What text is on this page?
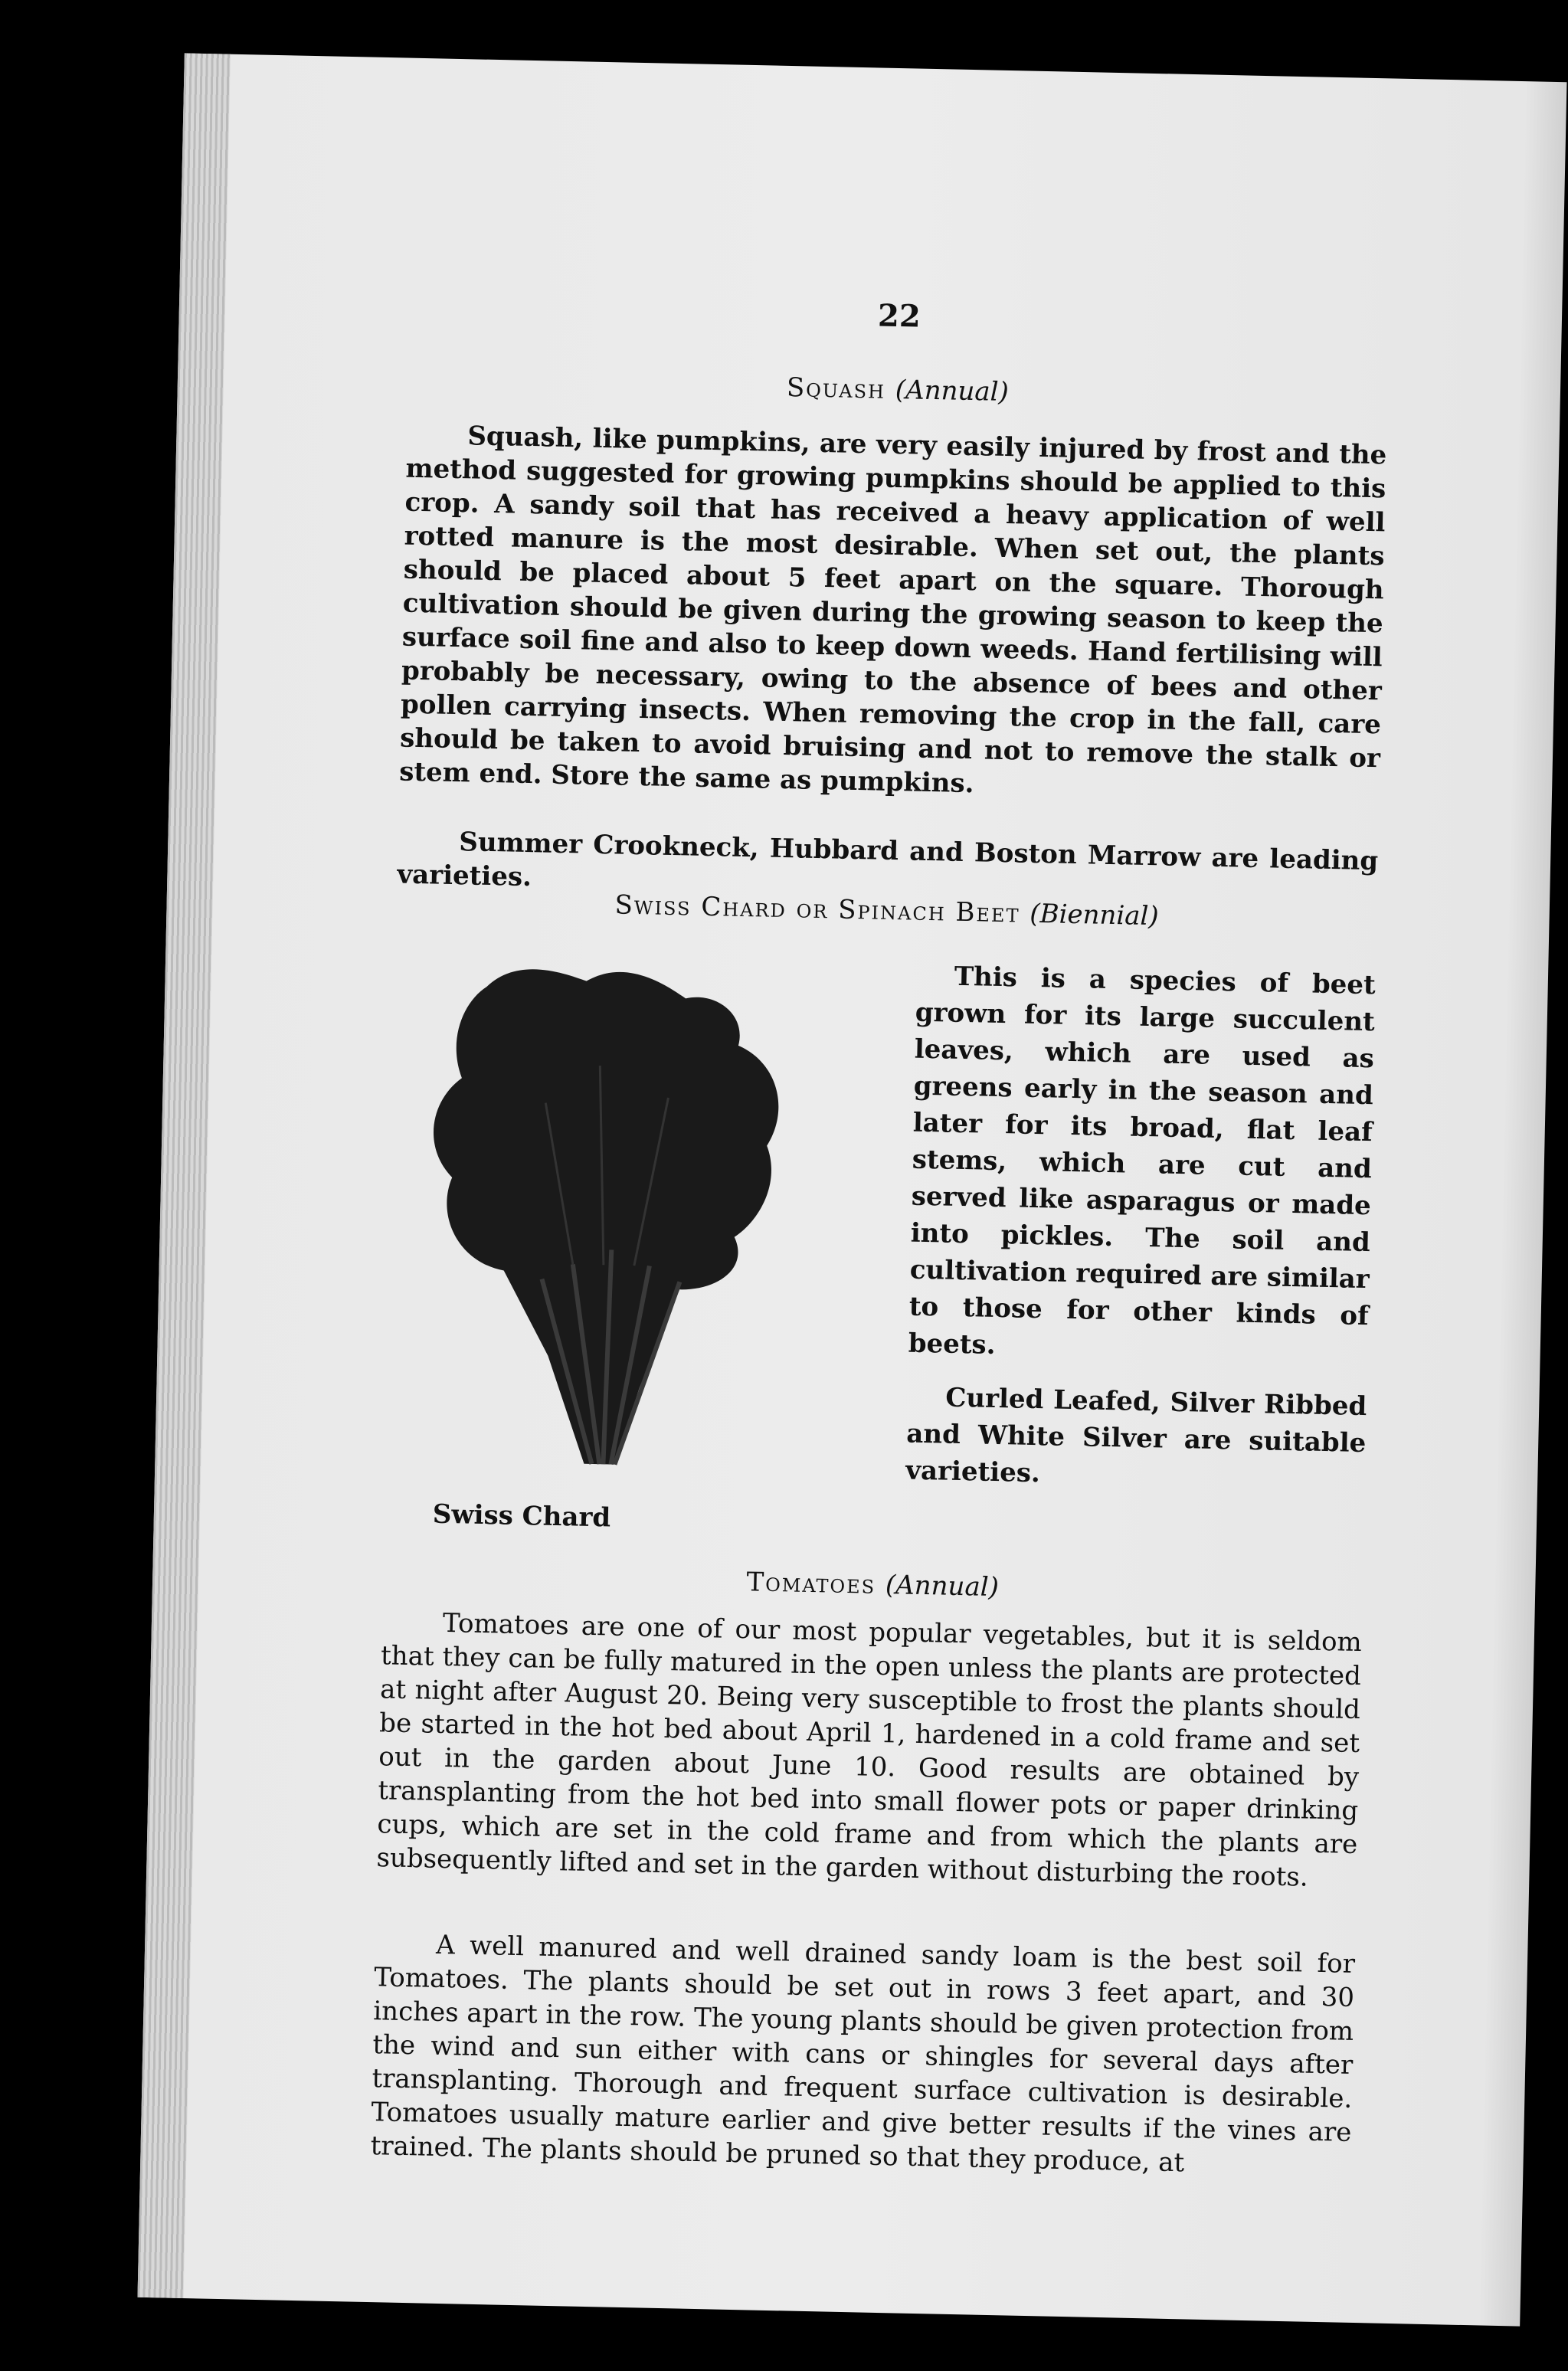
22
Squash (Annual)

Squash, like pumpkins, are very easily injured by frost and the method suggested for growing pumpkins should be applied to this crop. A sandy soil that has received a heavy application of well rotted manure is the most desirable. When set out, the plants should be placed about 5 feet apart on the square. Thorough cultivation should be given during the growing season to keep the surface soil fine and also to keep down weeds. Hand fertilising will probably be necessary, owing to the absence of bees and other pollen carrying insects. When removing the crop in the fall, care should be taken to avoid bruising and not to remove the stalk or stem end. Store the same as pumpkins.

Summer Crookneck, Hubbard and Boston Marrow are leading varieties.

Swiss Chard or Spinach Beet (Biennial)

This is a species of beet grown for its large succulent leaves, which are used as greens early in the season and later for its broad, flat leaf stems, which are cut and served like asparagus or made into pickles. The soil and cultivation required are similar to those for other kinds of beets.

Curled Leafed, Silver Ribbed and White Silver are suitable varieties.

Swiss Chard
Tomatoes (Annual)

Tomatoes are one of our most popular vegetables, but it is seldom that they can be fully matured in the open unless the plants are protected at night after August 20. Being very susceptible to frost the plants should be started in the hot bed about April 1, hardened in a cold frame and set out in the garden about June 10. Good results are obtained by transplanting from the hot bed into small flower pots or paper drinking cups, which are set in the cold frame and from which the plants are subsequently lifted and set in the garden without disturbing the roots.

A well manured and well drained sandy loam is the best soil for Tomatoes. The plants should be set out in rows 3 feet apart, and 30 inches apart in the row. The young plants should be given protection from the wind and sun either with cans or shingles for several days after transplanting. Thorough and frequent surface cultivation is desirable. Tomatoes usually mature earlier and give better results if the vines are trained. The plants should be pruned so that they produce, at
